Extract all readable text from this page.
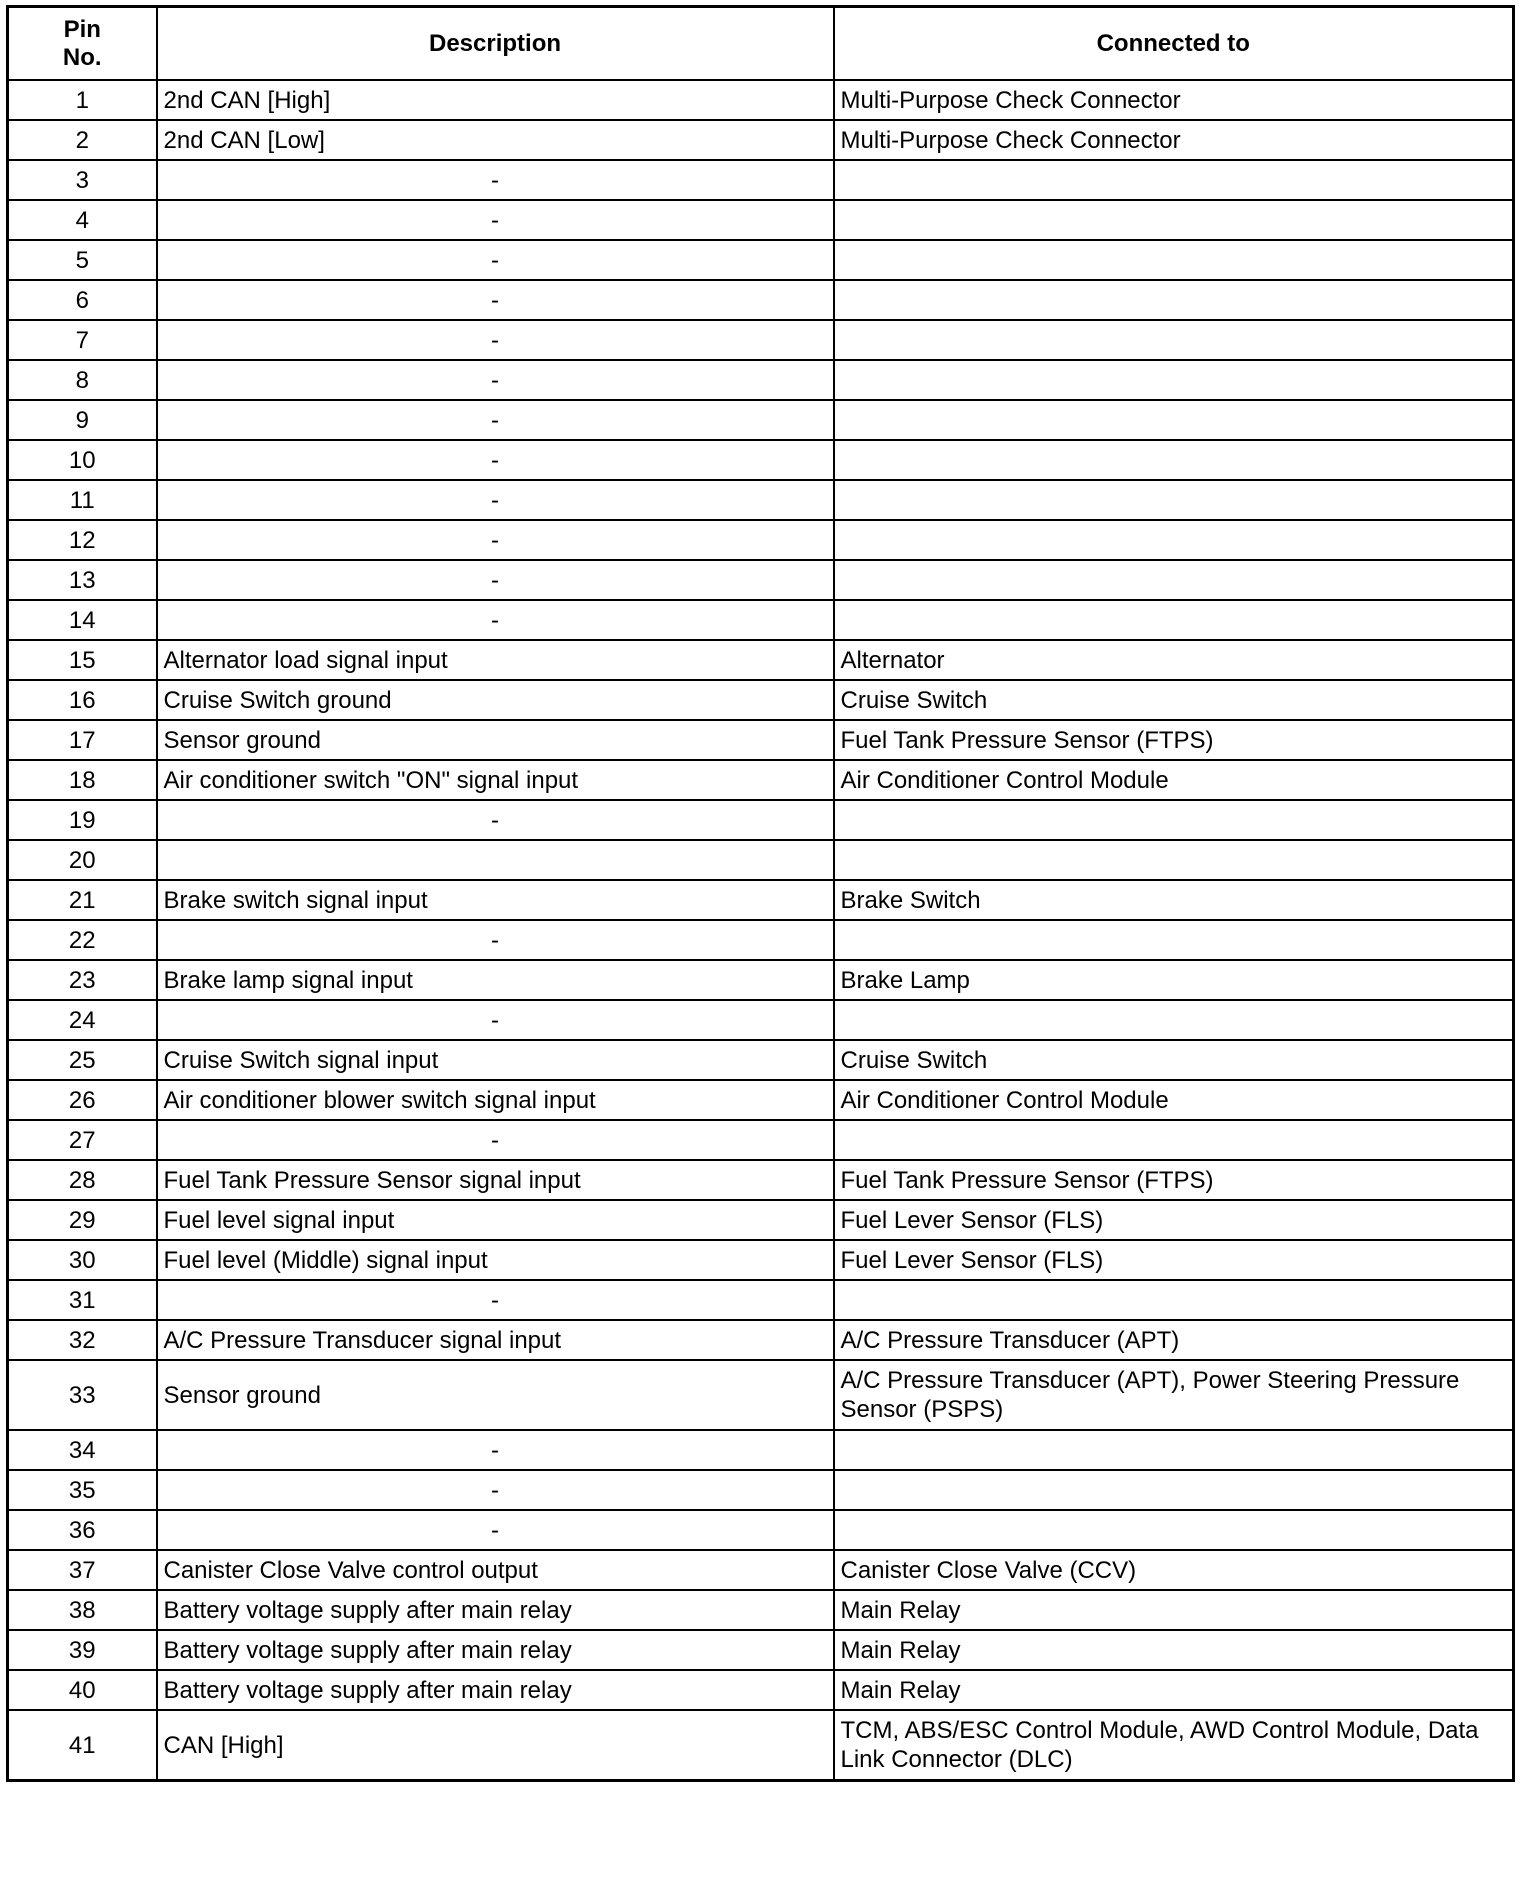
Pin
No.	Description	Connected to
1	2nd CAN [High]	Multi-Purpose Check Connector
2	2nd CAN [Low]	Multi-Purpose Check Connector
3	-	
4	-	
5	-	
6	-	
7	-	
8	-	
9	-	
10	-	
11	-	
12	-	
13	-	
14	-	
15	Alternator load signal input	Alternator
16	Cruise Switch ground	Cruise Switch
17	Sensor ground	Fuel Tank Pressure Sensor (FTPS)
18	Air conditioner switch "ON" signal input	Air Conditioner Control Module
19	-	
20		
21	Brake switch signal input	Brake Switch
22	-	
23	Brake lamp signal input	Brake Lamp
24	-	
25	Cruise Switch signal input	Cruise Switch
26	Air conditioner blower switch signal input	Air Conditioner Control Module
27	-	
28	Fuel Tank Pressure Sensor signal input	Fuel Tank Pressure Sensor (FTPS)
29	Fuel level signal input	Fuel Lever Sensor (FLS)
30	Fuel level (Middle) signal input	Fuel Lever Sensor (FLS)
31	-	
32	A/C Pressure Transducer signal input	A/C Pressure Transducer (APT)
33	Sensor ground	A/C Pressure Transducer (APT), Power Steering Pressure Sensor (PSPS)
34	-	
35	-	
36	-	
37	Canister Close Valve control output	Canister Close Valve (CCV)
38	Battery voltage supply after main relay	Main Relay
39	Battery voltage supply after main relay	Main Relay
40	Battery voltage supply after main relay	Main Relay
41	CAN [High]	TCM, ABS/ESC Control Module, AWD Control Module, Data Link Connector (DLC)
